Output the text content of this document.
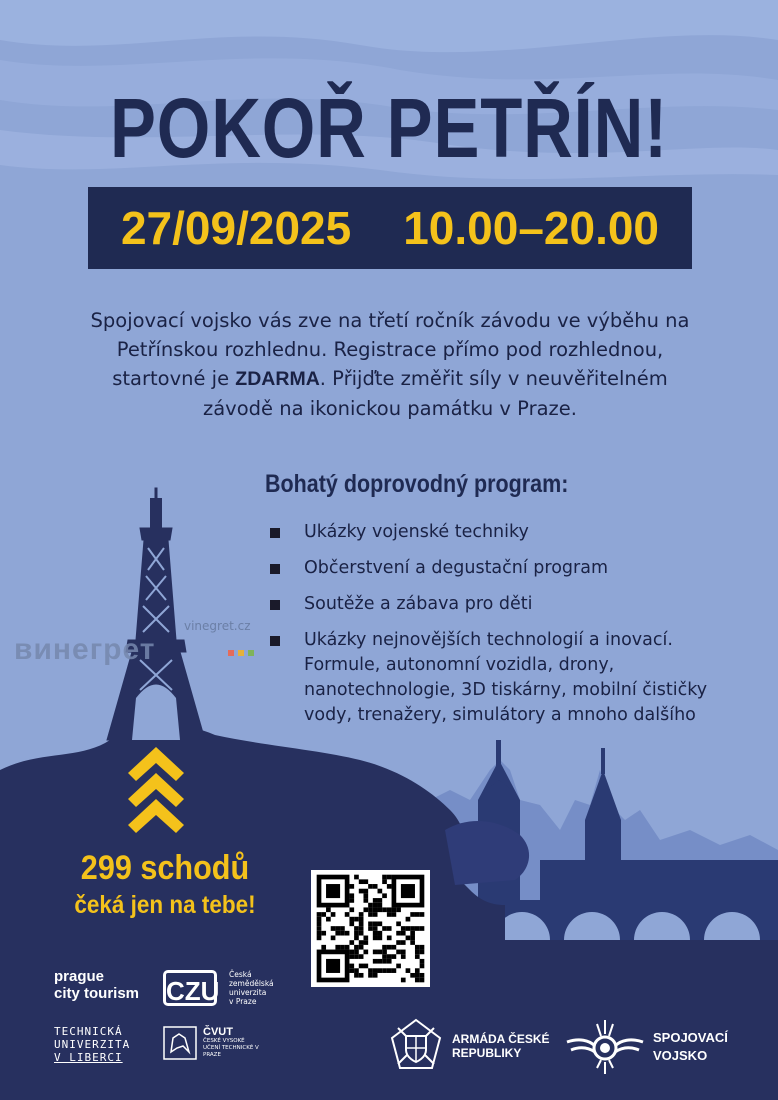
POKOŘ PETŘÍN!
27/09/2025 10.00–20.00

Spojovací vojsko vás zve na třetí ročník závodu ve výběhu na Petřínskou rozhlednu. Registrace přímo pod rozhlednou, startovné je ZDARMA. Přijďte změřit síly v neuvěřitelném závodě na ikonickou památku v Praze.

Bohatý doprovodný program:
Ukázky vojenské techniky
Občerstvení a degustační program
Soutěže a zábava pro děti
Ukázky nejnovějších technologií a inovací. Formule, autonomní vozidla, drony, nanotechnologie, 3D tiskárny, mobilní čističky vody, trenažery, simulátory a mnoho dalšího
vinegret.cz
винегрет

299 schodů
čeká jen na tebe!

prague
city tourism CZU
Česká
zemědělská
univerzita
v Praze
TECHNICKÁ
UNIVERZITA
V LIBERCI
ČVUT
ČESKÉ VYSOKÉ UČENÍ TECHNICKÉ V PRAZE
ARMÁDA ČESKÉ
REPUBLIKY
SPOJOVACÍ
VOJSKO
